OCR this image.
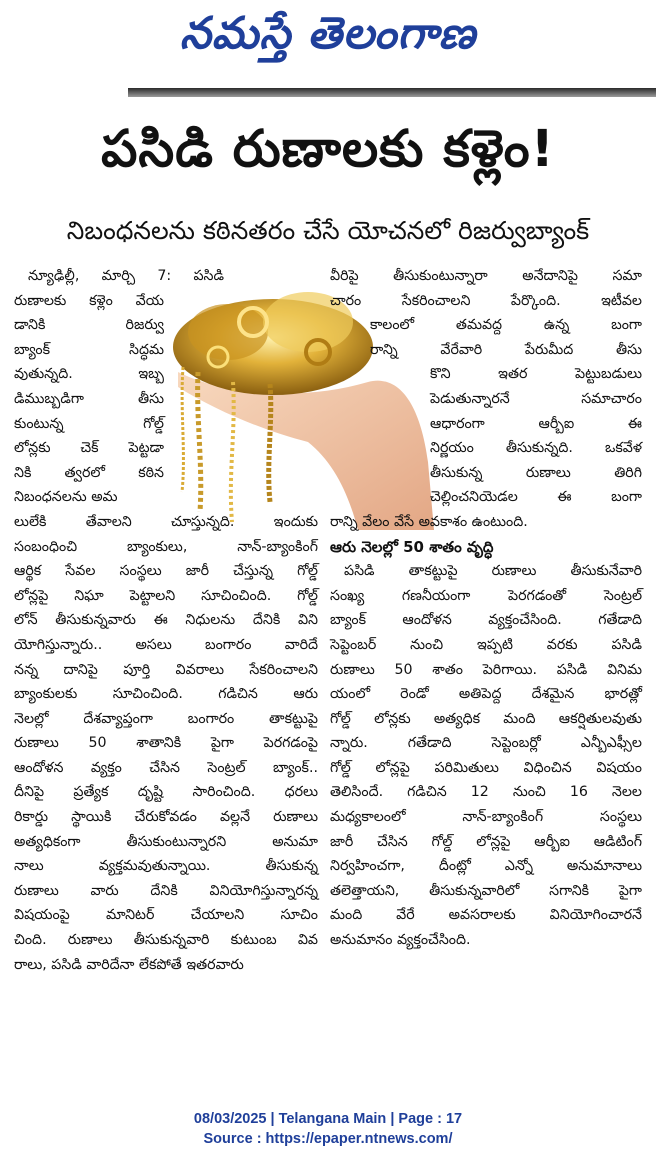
నమస్తే తెలంగాణ
పసిడి రుణాలకు కళ్లెం!
నిబంధనలను కఠినతరం చేసే యోచనలో రిజర్వుబ్యాంక్

న్యూఢిల్లీ, మార్చి 7: పసిడి

రుణాలకు కళ్లెం వేయ

డానికి రిజర్వు

బ్యాంక్ సిద్ధమ

వుతున్నది. ఇబ్బ

డిముబ్బడిగా తీసు

కుంటున్న గోల్డ్

లోన్లకు చెక్ పెట్టడా

నికి త్వరలో కఠిన

నిబంధనలను అమ

లులేకి తేవాలని చూస్తున్నది. ఇందుకు

సంబంధించి బ్యాంకులు, నాన్-బ్యాంకింగ్

ఆర్థిక సేవల సంస్థలు జారీ చేస్తున్న గోల్డ్

లోన్లపై నిఘా పెట్టాలని సూచించింది. గోల్డ్

లోన్ తీసుకున్నవారు ఈ నిధులను దేనికి విని

యోగిస్తున్నారు.. అసలు బంగారం వారిదే

నన్న దానిపై పూర్తి వివరాలు సేకరించాలని

బ్యాంకులకు సూచించింది. గడిచిన ఆరు

నెలల్లో దేశవ్యాప్తంగా బంగారం తాకట్టుపై

రుణాలు 50 శాతానికి పైగా పెరగడంపై

ఆందోళన వ్యక్తం చేసిన సెంట్రల్ బ్యాంక్..

దీనిపై ప్రత్యేక దృష్టి సారించింది. ధరలు

రికార్డు స్థాయికి చేరుకోవడం వల్లనే రుణాలు

అత్యధికంగా తీసుకుంటున్నారని అనుమా

నాలు వ్యక్తమవుతున్నాయి. తీసుకున్న

రుణాలు వారు దేనికి వినియోగిస్తున్నారన్న

విషయంపై మానిటర్ చేయాలని సూచిం

చింది. రుణాలు తీసుకున్నవారి కుటుంబ వివ

రాలు, పసిడి వారిదేనా లేకపోతే ఇతరవారు

వీరిపై తీసుకుంటున్నారా అనేదానిపై సమా

చారం సేకరించాలని పేర్కొంది. ఇటీవల

కాలంలో తమవద్ద ఉన్న బంగా

రాన్ని వేరేవారి పేరుమీద తీసు

కొని ఇతర పెట్టుబడులు

పెడుతున్నారనే సమాచారం

ఆధారంగా ఆర్బీఐ ఈ

నిర్ణయం తీసుకున్నది. ఒకవేళ

తీసుకున్న రుణాలు తిరిగి

చెల్లించనియెడల ఈ బంగా

రాన్ని వేలం వేసే అవకాశం ఉంటుంది.

ఆరు నెలల్లో 50 శాతం వృద్ధి

పసిడి తాకట్టుపై రుణాలు తీసుకునేవారి

సంఖ్య గణనీయంగా పెరగడంతో సెంట్రల్

బ్యాంక్ ఆందోళన వ్యక్తంచేసింది. గతేడాది

సెప్టెంబర్ నుంచి ఇప్పటి వరకు పసిడి

రుణాలు 50 శాతం పెరిగాయి. పసిడి వినిమ

యంలో రెండో అతిపెద్ద దేశమైన భారత్లో

గోల్డ్ లోన్లకు అత్యధిక మంది ఆకర్షితులవుతు

న్నారు. గతేడాది సెప్టెంబర్లో ఎన్బీఎఫ్సీల

గోల్డ్ లోన్లపై పరిమితులు విధించిన విషయం

తెలిసిందే. గడిచిన 12 నుంచి 16 నెలల

మధ్యకాలంలో నాన్-బ్యాంకింగ్ సంస్థలు

జారీ చేసిన గోల్డ్ లోన్లపై ఆర్బీఐ ఆడిటింగ్

నిర్వహించగా, దీంట్లో ఎన్నో అనుమానాలు

తలెత్తాయని, తీసుకున్నవారిలో సగానికి పైగా

మంది వేరే అవసరాలకు వినియోగించారనే

అనుమానం వ్యక్తంచేసింది.

08/03/2025 | Telangana Main | Page : 17
Source : https://epaper.ntnews.com/
